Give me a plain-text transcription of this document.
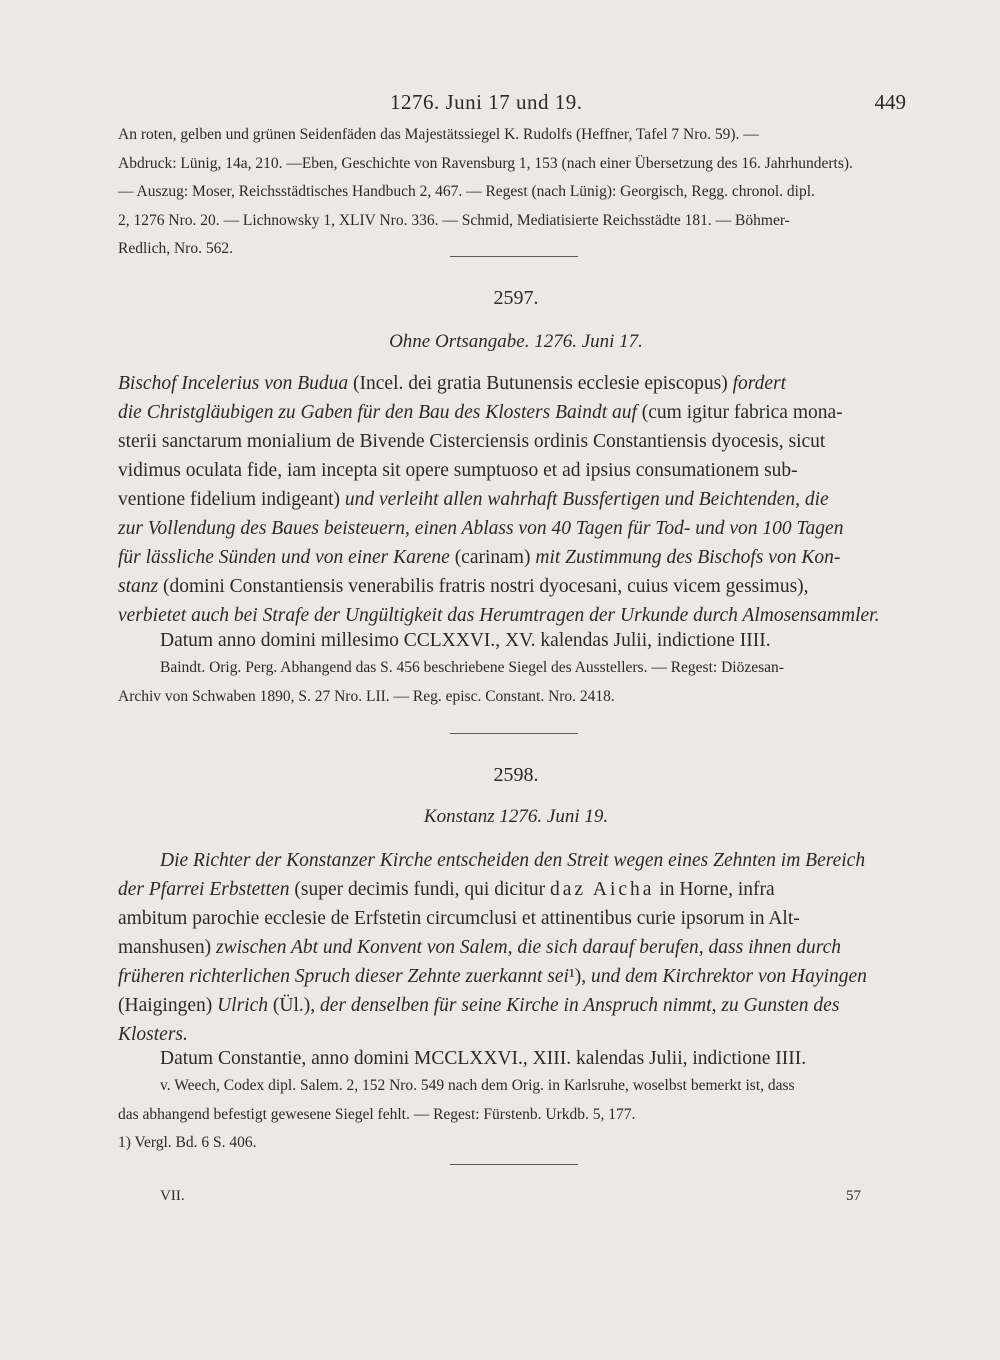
1276. Juni 17 und 19.	449
An roten, gelben und grünen Seidenfäden das Majestätssiegel K. Rudolfs (Heffner, Tafel 7 Nro. 59). —
Abdruck: Lünig, 14a, 210. —Eben, Geschichte von Ravensburg 1, 153 (nach einer Übersetzung des 16. Jahrhunderts).
— Auszug: Moser, Reichsstädtisches Handbuch 2, 467. — Regest (nach Lünig): Georgisch, Regg. chronol. dipl.
2, 1276 Nro. 20. — Lichnowsky 1, XLIV Nro. 336. — Schmid, Mediatisierte Reichsstädte 181. — Böhmer-
Redlich, Nro. 562.
2597.
Ohne Ortsangabe. 1276. Juni 17.
Bischof Incelerius von Budua (Incel. dei gratia Butunensis ecclesie episcopus) fordert
die Christgläubigen zu Gaben für den Bau des Klosters Baindt auf (cum igitur fabrica mona-
sterii sanctarum monialium de Bivende Cisterciensis ordinis Constantiensis dyocesis, sicut
vidimus oculata fide, iam incepta sit opere sumptuoso et ad ipsius consumationem sub-
ventione fidelium indigeant) und verleiht allen wahrhaft Bussfertigen und Beichtenden, die
zur Vollendung des Baues beisteuern, einen Ablass von 40 Tagen für Tod- und von 100 Tagen
für lässliche Sünden und von einer Karene (carinam) mit Zustimmung des Bischofs von Kon-
stanz (domini Constantiensis venerabilis fratris nostri dyocesani, cuius vicem gessimus),
verbietet auch bei Strafe der Ungültigkeit das Herumtragen der Urkunde durch Almosensammler.
Datum anno domini millesimo CCLXXVI., XV. kalendas Julii, indictione IIII.
Baindt. Orig. Perg. Abhangend das S. 456 beschriebene Siegel des Ausstellers. — Regest: Diözesan-
Archiv von Schwaben 1890, S. 27 Nro. LII. — Reg. episc. Constant. Nro. 2418.
2598.
Konstanz 1276. Juni 19.
Die Richter der Konstanzer Kirche entscheiden den Streit wegen eines Zehnten im Bereich
der Pfarrei Erbstetten (super decimis fundi, qui dicitur daz Aicha in Horne, infra
ambitum parochie ecclesie de Erfstetin circumclusi et attinentibus curie ipsorum in Alt-
manshusen) zwischen Abt und Konvent von Salem, die sich darauf berufen, dass ihnen durch
früheren richterlichen Spruch dieser Zehnte zuerkannt sei¹), und dem Kirchrektor von Hayingen
(Haigingen) Ulrich (Ül.), der denselben für seine Kirche in Anspruch nimmt, zu Gunsten des
Klosters.
Datum Constantie, anno domini MCCLXXVI., XIII. kalendas Julii, indictione IIII.
v. Weech, Codex dipl. Salem. 2, 152 Nro. 549 nach dem Orig. in Karlsruhe, woselbst bemerkt ist, dass
das abhangend befestigt gewesene Siegel fehlt. — Regest: Fürstenb. Urkdb. 5, 177.
1) Vergl. Bd. 6 S. 406.
VII.	57
